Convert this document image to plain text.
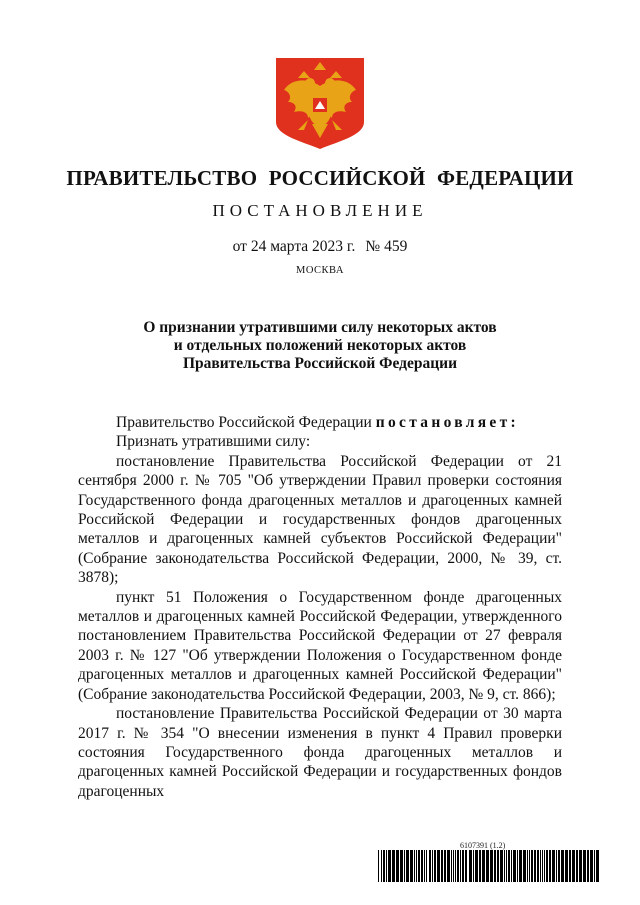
ПРАВИТЕЛЬСТВО РОССИЙСКОЙ ФЕДЕРАЦИИ
ПОСТАНОВЛЕНИЕ
от 24 марта 2023 г. № 459
МОСКВА
О признании утратившими силу некоторых актов
и отдельных положений некоторых актов
Правительства Российской Федерации

Правительство Российской Федерации постановляет:

Признать утратившими силу:

постановление Правительства Российской Федерации от 21 сентября 2000 г. № 705 "Об утверждении Правил проверки состояния Государственного фонда драгоценных металлов и драгоценных камней Российской Федерации и государственных фондов драгоценных металлов и драгоценных камней субъектов Российской Федерации" (Собрание законодательства Российской Федерации, 2000, № 39, ст. 3878);

пункт 51 Положения о Государственном фонде драгоценных металлов и драгоценных камней Российской Федерации, утвержденного постановлением Правительства Российской Федерации от 27 февраля 2003 г. № 127 "Об утверждении Положения о Государственном фонде драгоценных металлов и драгоценных камней Российской Федерации" (Собрание законодательства Российской Федерации, 2003, № 9, ст. 866);

постановление Правительства Российской Федерации от 30 марта 2017 г. № 354 "О внесении изменения в пункт 4 Правил проверки состояния Государственного фонда драгоценных металлов и драгоценных камней Российской Федерации и государственных фондов драгоценных

6107391 (1.2)
